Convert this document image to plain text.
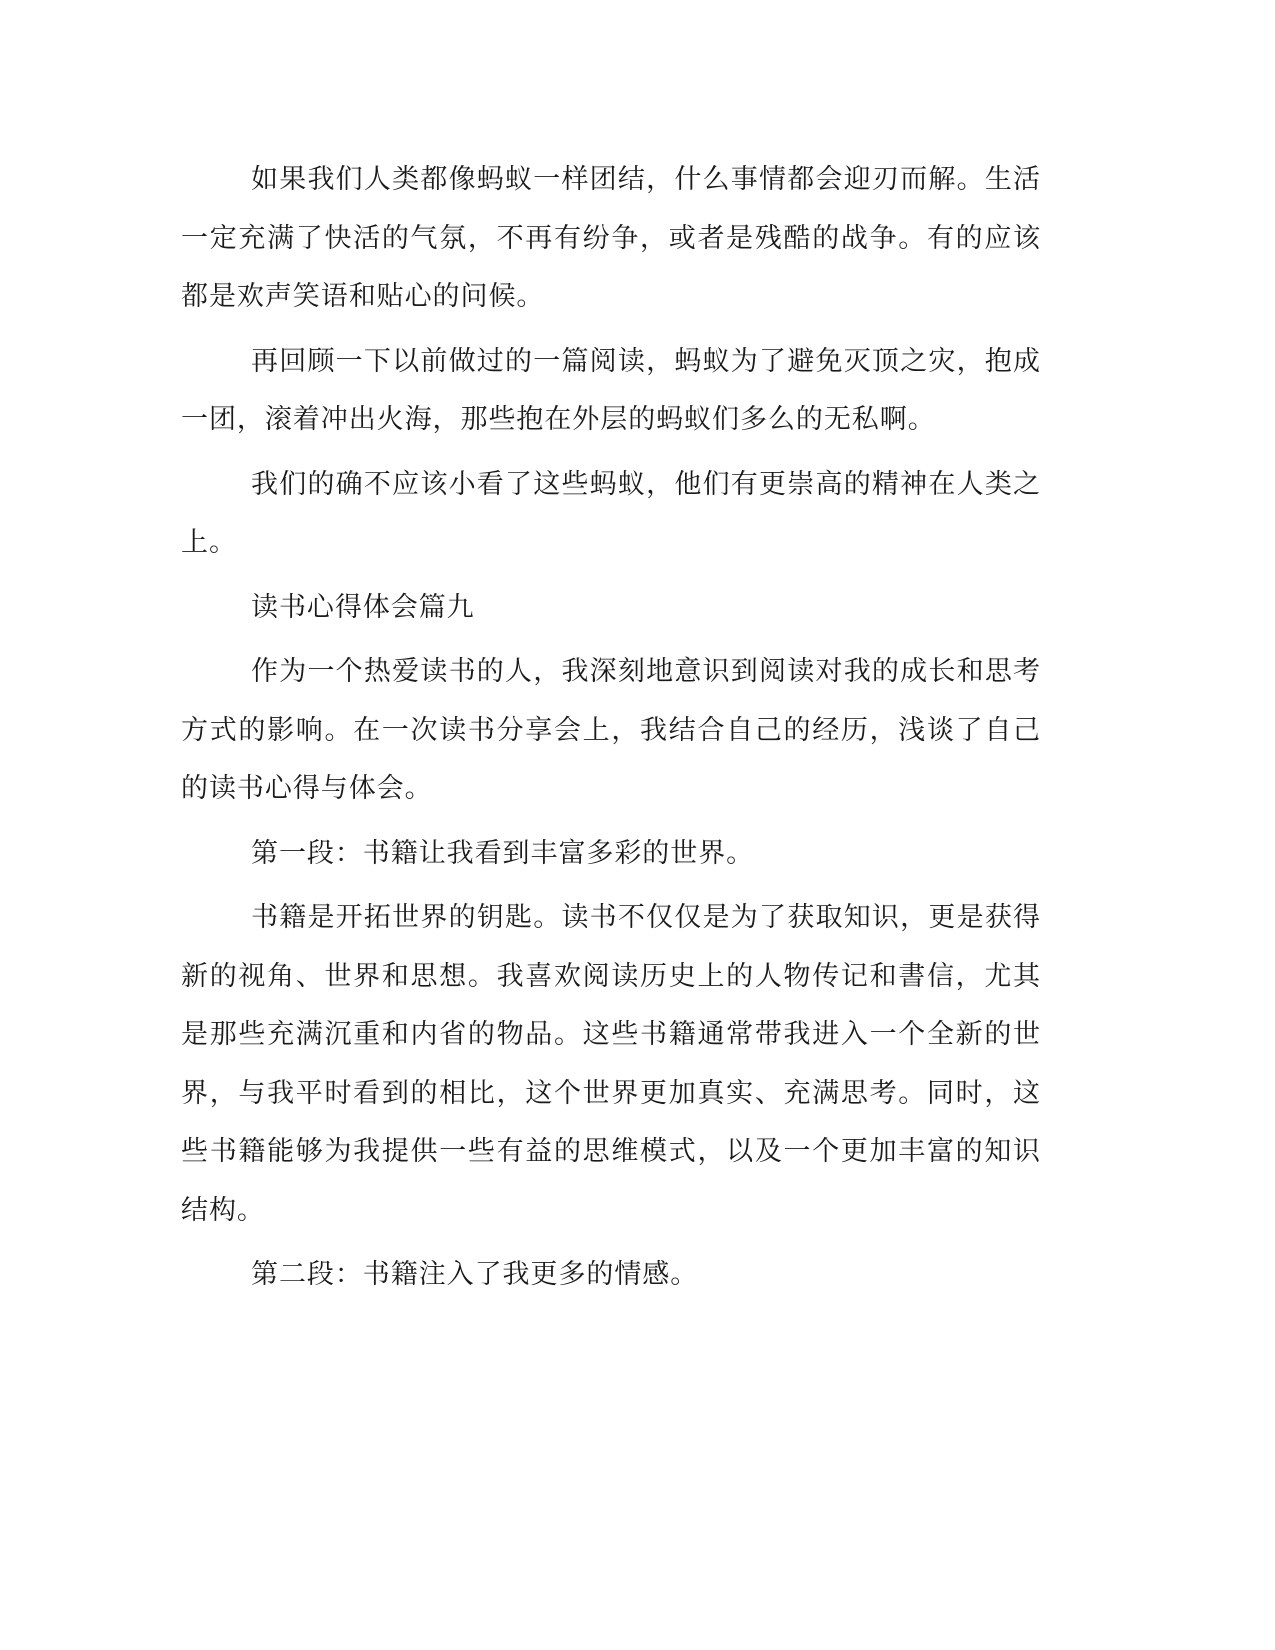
如果我们人类都像蚂蚁一样团结，什么事情都会迎刃而解。生活一定充满了快活的气氛，不再有纷争，或者是残酷的战争。有的应该都是欢声笑语和贴心的问候。

再回顾一下以前做过的一篇阅读，蚂蚁为了避免灭顶之灾，抱成一团，滚着冲出火海，那些抱在外层的蚂蚁们多么的无私啊。

我们的确不应该小看了这些蚂蚁，他们有更崇高的精神在人类之上。

读书心得体会篇九

作为一个热爱读书的人，我深刻地意识到阅读对我的成长和思考方式的影响。在一次读书分享会上，我结合自己的经历，浅谈了自己的读书心得与体会。

第一段：书籍让我看到丰富多彩的世界。

书籍是开拓世界的钥匙。读书不仅仅是为了获取知识，更是获得新的视角、世界和思想。我喜欢阅读历史上的人物传记和書信，尤其是那些充满沉重和内省的物品。这些书籍通常带我进入一个全新的世界，与我平时看到的相比，这个世界更加真实、充满思考。同时，这些书籍能够为我提供一些有益的思维模式，以及一个更加丰富的知识结构。

第二段：书籍注入了我更多的情感。
